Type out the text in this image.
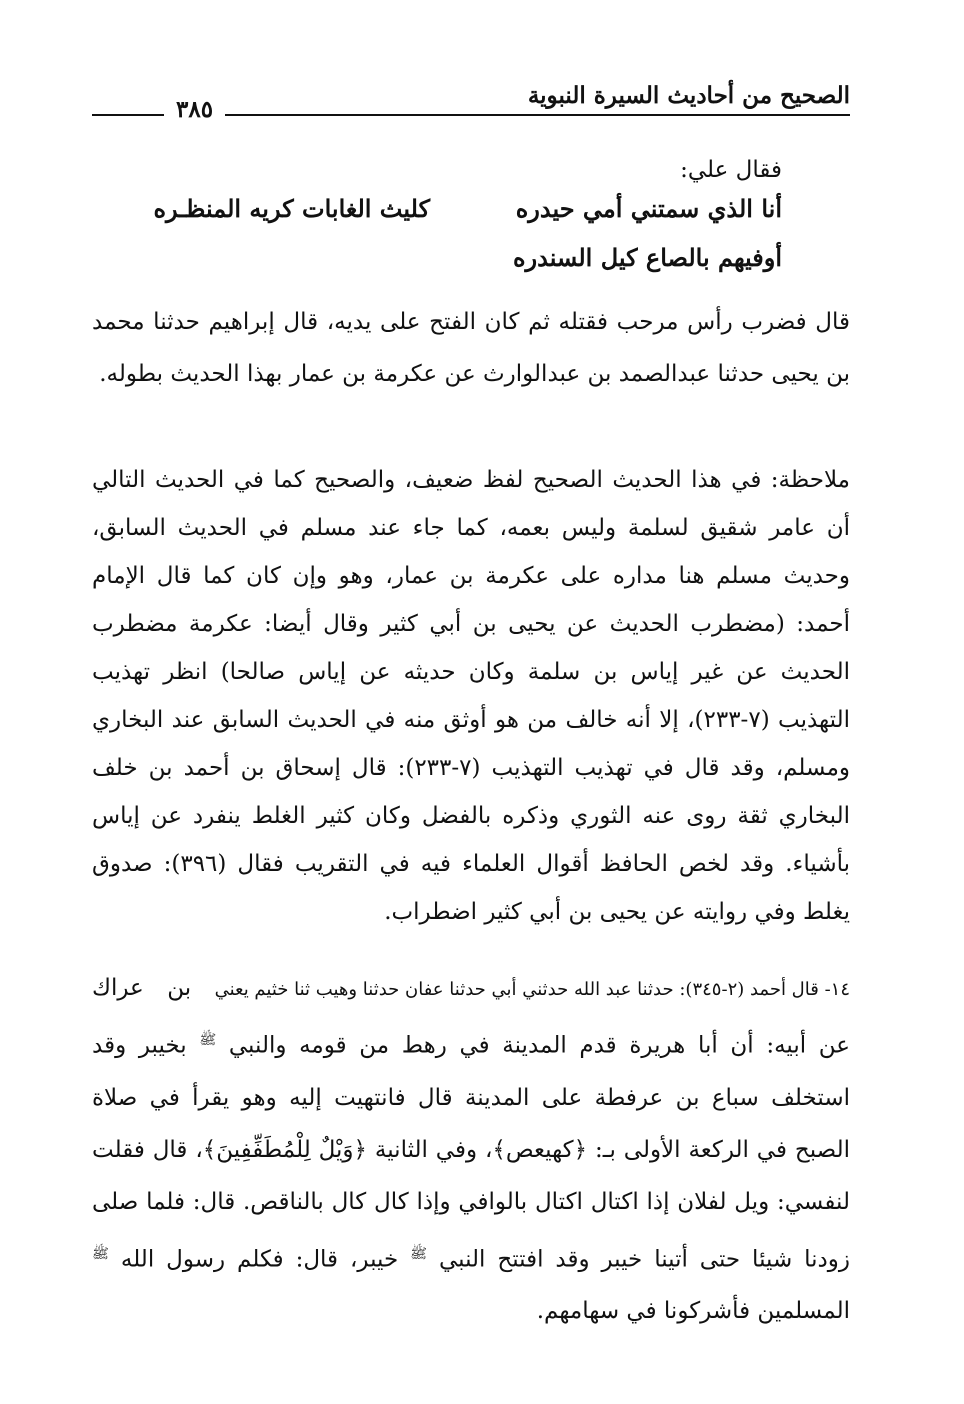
الصحيح من أحاديث السيرة النبوية
٣٨٥
فقال علي:
أنا الذي سمتني أمي حيدره
كليث الغابات كريه المنظـره
أوفيهم بالصاع كيل السندره
قال فضرب رأس مرحب فقتله ثم كان الفتح على يديه، قال إبراهيم حدثنا محمد بن يحيى حدثنا عبدالصمد بن عبدالوارث عن عكرمة بن عمار بهذا الحديث بطوله.
ملاحظة: في هذا الحديث الصحيح لفظ ضعيف، والصحيح كما في الحديث التالي أن عامر شقيق لسلمة وليس بعمه، كما جاء عند مسلم في الحديث السابق، وحديث مسلم هنا مداره على عكرمة بن عمار، وهو وإن كان كما قال الإمام أحمد: (مضطرب الحديث عن يحيى بن أبي كثير وقال أيضا: عكرمة مضطرب الحديث عن غير إياس بن سلمة وكان حديثه عن إياس صالحا) انظر تهذيب التهذيب (٧-٢٣٣)، إلا أنه خالف من هو أوثق منه في الحديث السابق عند البخاري ومسلم، وقد قال في تهذيب التهذيب (٧-٢٣٣): قال إسحاق بن أحمد بن خلف البخاري ثقة روى عنه الثوري وذكره بالفضل وكان كثير الغلط ينفرد عن إياس بأشياء. وقد لخص الحافظ أقوال العلماء فيه في التقريب فقال (٣٩٦): صدوق يغلط وفي روايته عن يحيى بن أبي كثير اضطراب.
١٤- قال أحمد (٢-٣٤٥): حدثنا عبد الله حدثني أبي حدثنا عفان حدثنا وهيب ثنا خثيم يعني بن عراك عن أبيه: أن أبا هريرة قدم المدينة في رهط من قومه والنبي $^ﷺ$ بخيبر وقد استخلف سباع بن عرفطة على المدينة قال فانتهيت إليه وهو يقرأ في صلاة الصبح في الركعة الأولى بـ: ﴿كهيعص﴾، وفي الثانية ﴿وَيْلٌ لِلْمُطَفِّفِينَ﴾، قال فقلت لنفسي: ويل لفلان إذا اكتال اكتال بالوافي وإذا كال كال بالناقص. قال: فلما صلى زودنا شيئا حتى أتينا خيبر وقد افتتح النبي $^ﷺ$ خيبر، قال: فكلم رسول الله $^ﷺ$ المسلمين فأشركونا في سهامهم.
